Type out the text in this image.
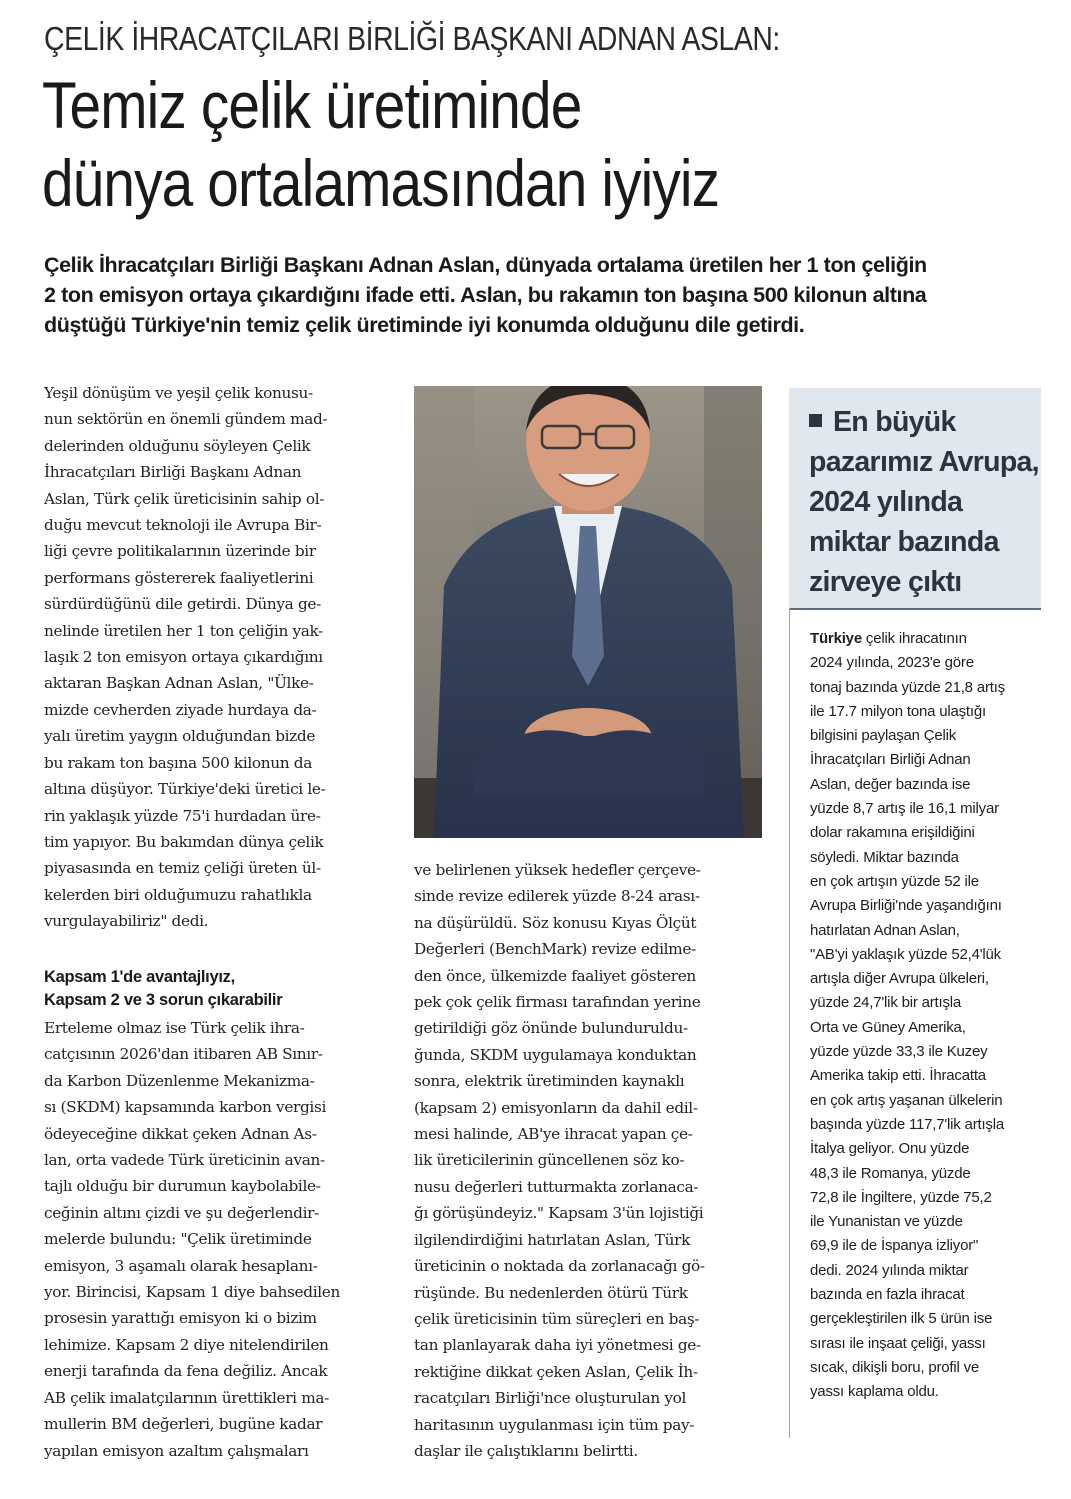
ÇELİK İHRACATÇILARI BİRLİĞİ BAŞKANI ADNAN ASLAN:
Temiz çelik üretiminde
dünya ortalamasından iyiyiz
Çelik İhracatçıları Birliği Başkanı Adnan Aslan, dünyada ortalama üretilen her 1 ton çeliğin
2 ton emisyon ortaya çıkardığını ifade etti. Aslan, bu rakamın ton başına 500 kilonun altına
düştüğü Türkiye'nin temiz çelik üretiminde iyi konumda olduğunu dile getirdi.
Yeşil dönüşüm ve yeşil çelik konusu-
nun sektörün en önemli gündem mad-
delerinden olduğunu söyleyen Çelik
İhracatçıları Birliği Başkanı Adnan
Aslan, Türk çelik üreticisinin sahip ol-
duğu mevcut teknoloji ile Avrupa Bir-
liği çevre politikalarının üzerinde bir
performans göstererek faaliyetlerini
sürdürdüğünü dile getirdi. Dünya ge-
nelinde üretilen her 1 ton çeliğin yak-
laşık 2 ton emisyon ortaya çıkardığını
aktaran Başkan Adnan Aslan, "Ülke-
mizde cevherden ziyade hurdaya da-
yalı üretim yaygın olduğundan bizde
bu rakam ton başına 500 kilonun da
altına düşüyor. Türkiye'deki üretici le-
rin yaklaşık yüzde 75'i hurdadan üre-
tim yapıyor. Bu bakımdan dünya çelik
piyasasında en temiz çeliği üreten ül-
kelerden biri olduğumuzu rahatlıkla
vurgulayabiliriz" dedi.
Kapsam 1'de avantajlıyız,
Kapsam 2 ve 3 sorun çıkarabilir
Erteleme olmaz ise Türk çelik ihra-
catçısının 2026'dan itibaren AB Sınır-
da Karbon Düzenlenme Mekanizma-
sı (SKDM) kapsamında karbon vergisi
ödeyeceğine dikkat çeken Adnan As-
lan, orta vadede Türk üreticinin avan-
tajlı olduğu bir durumun kaybolabile-
ceğinin altını çizdi ve şu değerlendir-
melerde bulundu: "Çelik üretiminde
emisyon, 3 aşamalı olarak hesaplanı-
yor. Birincisi, Kapsam 1 diye bahsedilen
prosesin yarattığı emisyon ki o bizim
lehimize. Kapsam 2 diye nitelendirilen
enerji tarafında da fena değiliz. Ancak
AB çelik imalatçılarının ürettikleri ma-
mullerin BM değerleri, bugüne kadar
yapılan emisyon azaltım çalışmaları
ve belirlenen yüksek hedefler çerçeve-
sinde revize edilerek yüzde 8-24 arası-
na düşürüldü. Söz konusu Kıyas Ölçüt
Değerleri (BenchMark) revize edilme-
den önce, ülkemizde faaliyet gösteren
pek çok çelik firması tarafından yerine
getirildiği göz önünde bulunduruldu-
ğunda, SKDM uygulamaya konduktan
sonra, elektrik üretiminden kaynaklı
(kapsam 2) emisyonların da dahil edil-
mesi halinde, AB'ye ihracat yapan çe-
lik üreticilerinin güncellenen söz ko-
nusu değerleri tutturmakta zorlanaca-
ğı görüşündeyiz." Kapsam 3'ün lojistiği
ilgilendirdiğini hatırlatan Aslan, Türk
üreticinin o noktada da zorlanacağı gö-
rüşünde. Bu nedenlerden ötürü Türk
çelik üreticisinin tüm süreçleri en baş-
tan planlayarak daha iyi yönetmesi ge-
rektiğine dikkat çeken Aslan, Çelik İh-
racatçıları Birliği'nce oluşturulan yol
haritasının uygulanması için tüm pay-
daşlar ile çalıştıklarını belirtti.
En büyük
pazarımız Avrupa,
2024 yılında
miktar bazında
zirveye çıktı
Türkiye çelik ihracatının
2024 yılında, 2023'e göre
tonaj bazında yüzde 21,8 artış
ile 17.7 milyon tona ulaştığı
bilgisini paylaşan Çelik
İhracatçıları Birliği Adnan
Aslan, değer bazında ise
yüzde 8,7 artış ile 16,1 milyar
dolar rakamına erişildiğini
söyledi. Miktar bazında
en çok artışın yüzde 52 ile
Avrupa Birliği'nde yaşandığını
hatırlatan Adnan Aslan,
"AB'yi yaklaşık yüzde 52,4'lük
artışla diğer Avrupa ülkeleri,
yüzde 24,7'lik bir artışla
Orta ve Güney Amerika,
yüzde yüzde 33,3 ile Kuzey
Amerika takip etti. İhracatta
en çok artış yaşanan ülkelerin
başında yüzde 117,7'lik artışla
İtalya geliyor. Onu yüzde
48,3 ile Romanya, yüzde
72,8 ile İngiltere, yüzde 75,2
ile Yunanistan ve yüzde
69,9 ile de İspanya izliyor"
dedi. 2024 yılında miktar
bazında en fazla ihracat
gerçekleştirilen ilk 5 ürün ise
sırası ile inşaat çeliği, yassı
sıcak, dikişli boru, profil ve
yassı kaplama oldu.
